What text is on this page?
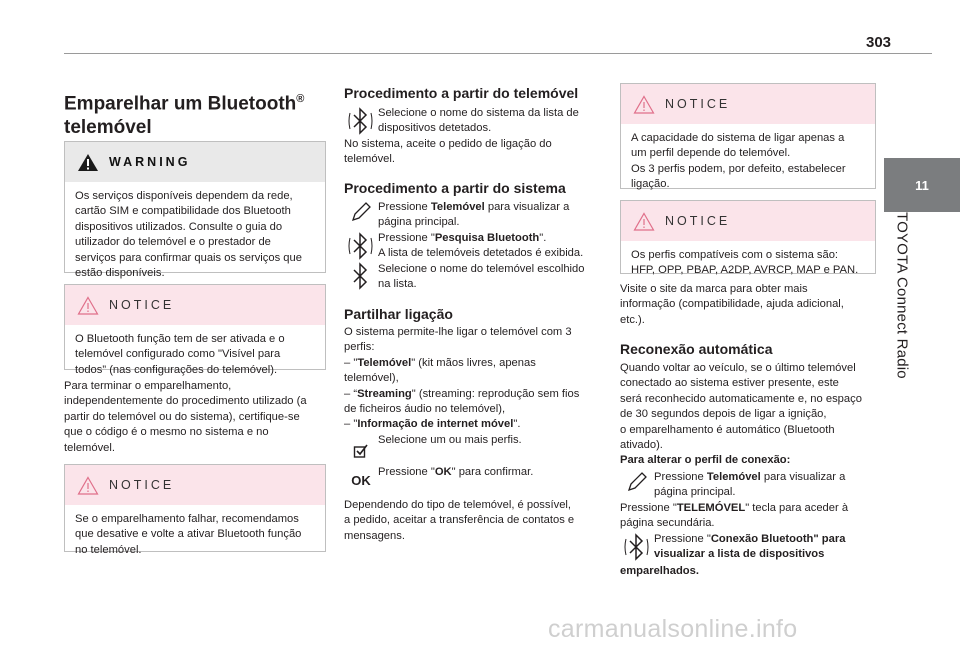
303
11
TOYOTA Connect Radio
Emparelhar um Bluetooth®
telemóvel
WARNING
Os serviços disponíveis dependem da rede,
cartão SIM e compatibilidade dos Bluetooth
dispositivos utilizados. Consulte o guia do
utilizador do telemóvel e o prestador de
serviços para confirmar quais os serviços que
estão disponíveis.
NOTICE
O Bluetooth função tem de ser ativada e o
telemóvel configurado como "Visível para
todos” (nas configurações do telemóvel).
Para terminar o emparelhamento,
independentemente do procedimento utilizado (a
partir do telemóvel ou do sistema), certifique-se
que o código é o mesmo no sistema e no
telemóvel.
NOTICE
Se o emparelhamento falhar, recomendamos
que desative e volte a ativar Bluetooth função
no telemóvel.
Procedimento a partir do telemóvel
Selecione o nome do sistema da lista de
dispositivos detetados.
No sistema, aceite o pedido de ligação do
telemóvel.
Procedimento a partir do sistema
Pressione Telemóvel para visualizar a
página principal.
Pressione "Pesquisa Bluetooth".
A lista de telemóveis detetados é exibida.
Selecione o nome do telemóvel escolhido
na lista.
Partilhar ligação
O sistema permite-lhe ligar o telemóvel com 3
perfis:
– "Telemóvel" (kit mãos livres, apenas
telemóvel),
– “Streaming" (streaming: reprodução sem fios
de ficheiros áudio no telemóvel),
– "Informação de internet móvel".
Selecione um ou mais perfis.
OK
Pressione "OK" para confirmar.
Dependendo do tipo de telemóvel, é possível,
a pedido, aceitar a transferência de contatos e
mensagens.
NOTICE
A capacidade do sistema de ligar apenas a
um perfil depende do telemóvel.
Os 3 perfis podem, por defeito, estabelecer
ligação.
NOTICE
Os perfis compatíveis com o sistema são:
HFP, OPP, PBAP, A2DP, AVRCP, MAP e PAN.
Visite o site da marca para obter mais
informação (compatibilidade, ajuda adicional,
etc.).
Reconexão automática
Quando voltar ao veículo, se o último telemóvel
conectado ao sistema estiver presente, este
será reconhecido automaticamente e, no espaço
de 30 segundos depois de ligar a ignição,
o emparelhamento é automático (Bluetooth
ativado).
Para alterar o perfil de conexão:
Pressione Telemóvel para visualizar a
página principal.
Pressione "TELEMÓVEL" tecla para aceder à
página secundária.
Pressione "Conexão Bluetooth" para
visualizar a lista de dispositivos
emparelhados.
carmanualsonline.info
